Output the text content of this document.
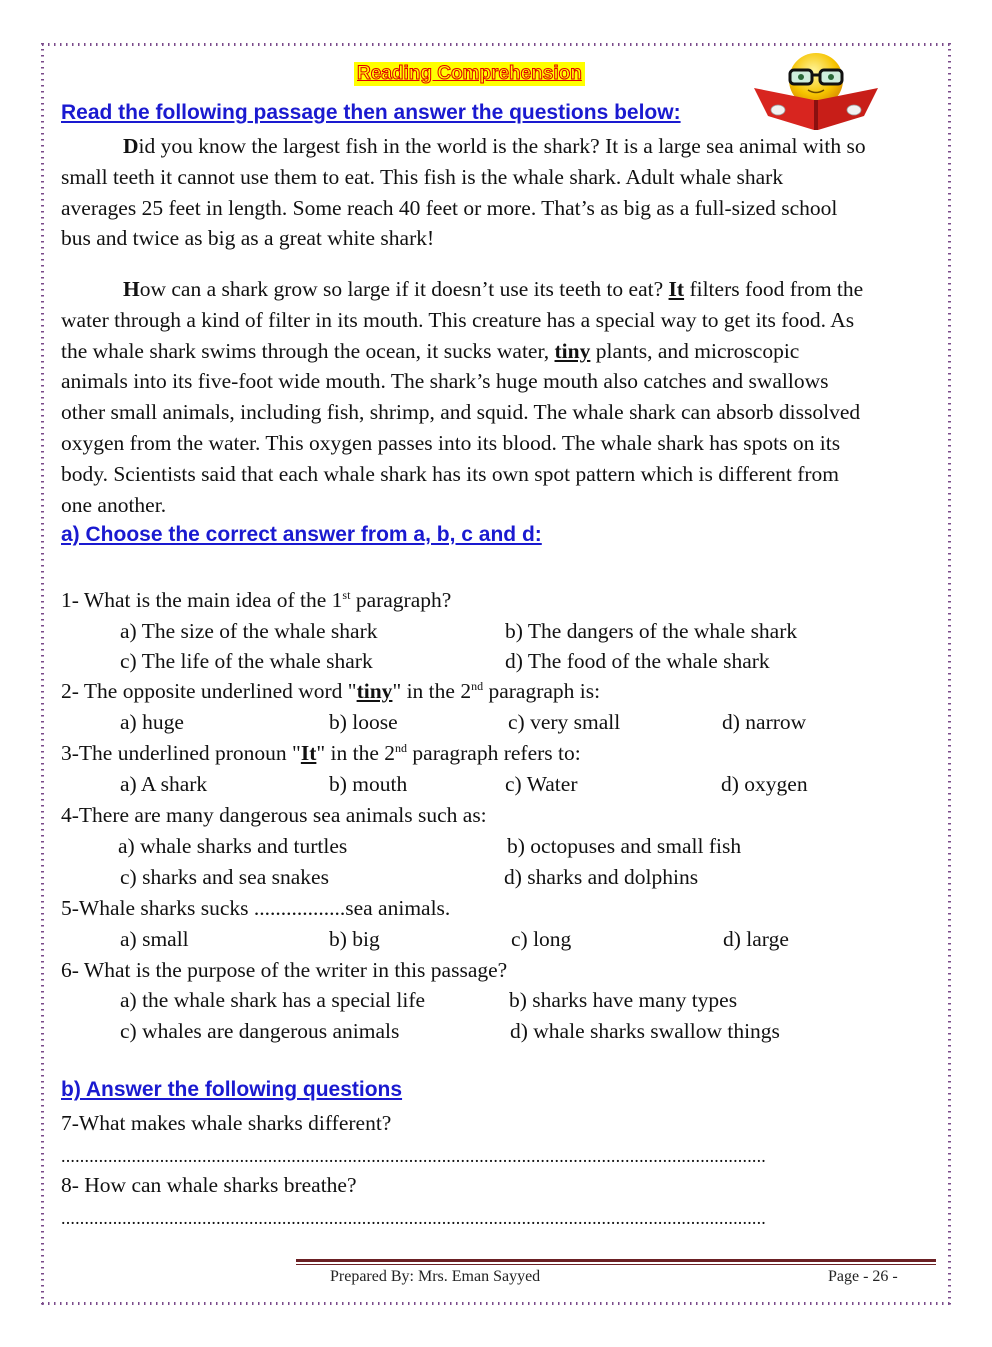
Reading Comprehension
Read the following passage then answer the questions below:
Did you know the largest fish in the world is the shark? It is a large sea animal with so
small teeth it cannot use them to eat. This fish is the whale shark. Adult whale shark
averages 25 feet in length. Some reach 40 feet or more. That’s as big as a full-sized school
bus and twice as big as a great white shark!
How can a shark grow so large if it doesn’t use its teeth to eat? It filters food from the
water through a kind of filter in its mouth. This creature has a special way to get its food. As
the whale shark swims through the ocean, it sucks water, tiny plants, and microscopic
animals into its five-foot wide mouth. The shark’s huge mouth also catches and swallows
other small animals, including fish, shrimp, and squid. The whale shark can absorb dissolved
oxygen from the water. This oxygen passes into its blood. The whale shark has spots on its
body. Scientists said that each whale shark has its own spot pattern which is different from
one another.
a) Choose the correct answer from a, b, c and d:
1- What is the main idea of the 1st paragraph?
a) The size of the whale shark	b) The dangers of the whale shark
c) The life of the whale shark	d) The food of the whale shark
2- The opposite underlined word "tiny" in the 2nd paragraph is:
a) huge	b) loose	c) very small	d) narrow
3-The underlined pronoun "It" in the 2nd paragraph refers to:
a) A shark	b) mouth	c) Water	d) oxygen
4-There are many dangerous sea animals such as:
a) whale sharks and turtles	b) octopuses and small fish
c) sharks and sea snakes	d) sharks and dolphins
5-Whale sharks sucks .................sea animals.
a) small	b) big	c) long	d) large
6- What is the purpose of the writer in this passage?
a) the whale shark has a special life	b) sharks have many types
c) whales are dangerous animals	d) whale sharks swallow things
b) Answer the following questions
7-What makes whale sharks different?
......................................................................................................................................................
8- How can whale sharks breathe?
......................................................................................................................................................
Prepared By: Mrs. Eman Sayyed	Page - 26 -
